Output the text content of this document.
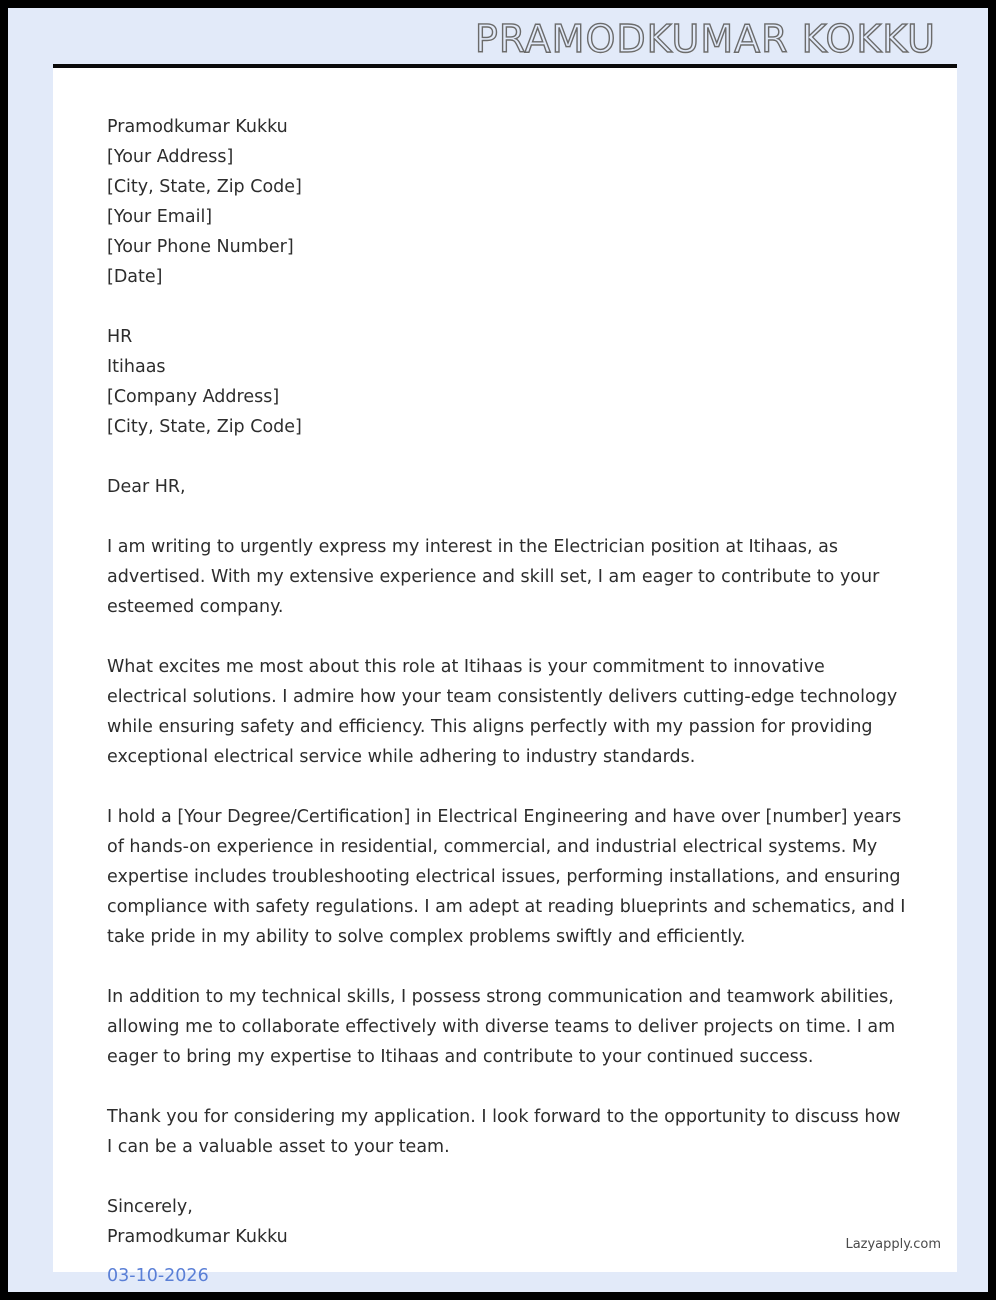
PRAMODKUMAR KOKKU

Pramodkumar Kukku
[Your Address]
[City, State, Zip Code]
[Your Email]
[Your Phone Number]
[Date]

HR
Itihaas
[Company Address]
[City, State, Zip Code]

Dear HR,

I am writing to urgently express my interest in the Electrician position at Itihaas, as advertised. With my extensive experience and skill set, I am eager to contribute to your esteemed company.

What excites me most about this role at Itihaas is your commitment to innovative electrical solutions. I admire how your team consistently delivers cutting-edge technology while ensuring safety and efficiency. This aligns perfectly with my passion for providing exceptional electrical service while adhering to industry standards.

I hold a [Your Degree/Certification] in Electrical Engineering and have over [number] years of hands-on experience in residential, commercial, and industrial electrical systems. My expertise includes troubleshooting electrical issues, performing installations, and ensuring compliance with safety regulations. I am adept at reading blueprints and schematics, and I take pride in my ability to solve complex problems swiftly and efficiently.

In addition to my technical skills, I possess strong communication and teamwork abilities, allowing me to collaborate effectively with diverse teams to deliver projects on time. I am eager to bring my expertise to Itihaas and contribute to your continued success.

Thank you for considering my application. I look forward to the opportunity to discuss how I can be a valuable asset to your team.

Sincerely,
Pramodkumar Kukku	Lazyapply.com
03-10-2026
